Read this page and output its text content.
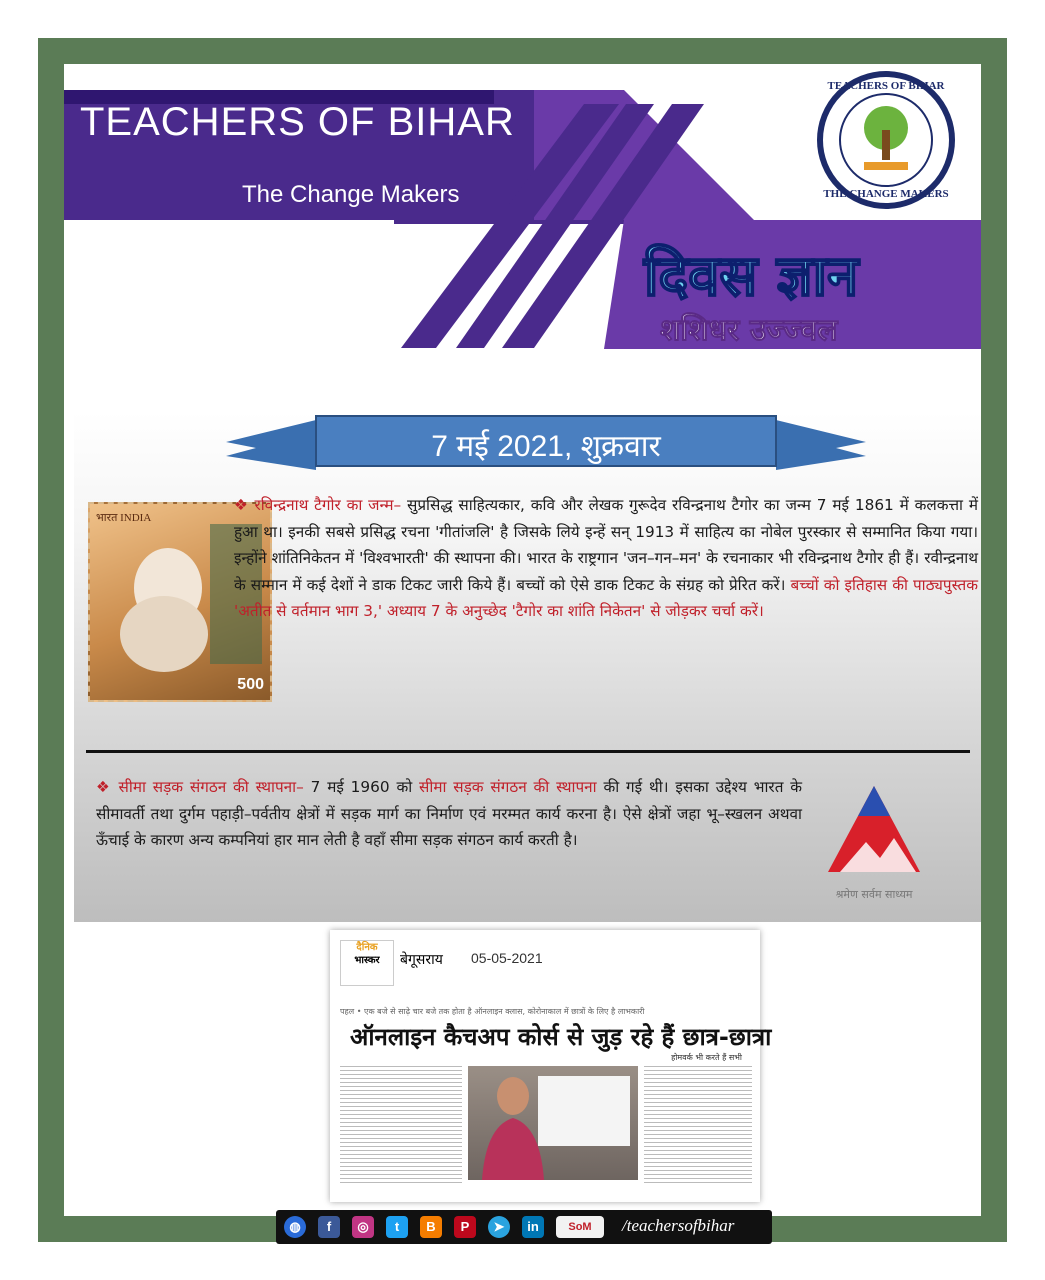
TEACHERS OF BIHAR
The Change Makers
TEACHERS OF BIHAR
THE CHANGE MAKERS
दिवस ज्ञान
शशिधर उज्ज्वल
7 मई 2021, शुक्रवार
भारत INDIA
500
❖ रविन्द्रनाथ टैगोर का जन्म– सुप्रसिद्ध साहित्यकार, कवि और लेखक गुरूदेव रविन्द्रनाथ टैगोर का जन्म 7 मई 1861 में कलकत्ता में हुआ था। इनकी सबसे प्रसिद्ध रचना 'गीतांजलि' है जिसके लिये इन्हें सन् 1913 में साहित्य का नोबेल पुरस्कार से सम्मानित किया गया। इन्होंने शांतिनिकेतन में 'विश्वभारती' की स्थापना की। भारत के राष्ट्रगान 'जन–गन–मन' के रचनाकार भी रविन्द्रनाथ टैगोर ही हैं। रवीन्द्रनाथ के सम्मान में कई देशों ने डाक टिकट जारी किये हैं। बच्चों को ऐसे डाक टिकट के संग्रह को प्रेरित करें। बच्चों को इतिहास की पाठ्यपुस्तक 'अतीत से वर्तमान भाग 3,' अध्याय 7 के अनुच्छेद 'टैगोर का शांति निकेतन' से जोड़कर चर्चा करें।
❖ सीमा सड़क संगठन की स्थापना– 7 मई 1960 को सीमा सड़क संगठन की स्थापना की गई थी। इसका उद्देश्य भारत के सीमावर्ती तथा दुर्गम पहाड़ी–पर्वतीय क्षेत्रों में सड़क मार्ग का निर्माण एवं मरम्मत कार्य करना है। ऐसे क्षेत्रों जहा भू–स्खलन अथवा ऊँचाई के कारण अन्य कम्पनियां हार मान लेती है वहाँ सीमा सड़क संगठन कार्य करती है।
श्रमेण सर्वम साध्यम
दैनिक
भास्कर	बेगूसराय 05-05-2021
पहल • एक बजे से साढ़े चार बजे तक होता है ऑनलाइन क्लास, कोरोनाकाल में छात्रों के लिए है लाभकारी
ऑनलाइन कैचअप कोर्स से जुड़ रहे हैं छात्र-छात्रा
होमवर्क भी करते हैं सभी
◍	f	◎	t	B	P	➤	in	SoM	/teachersofbihar
